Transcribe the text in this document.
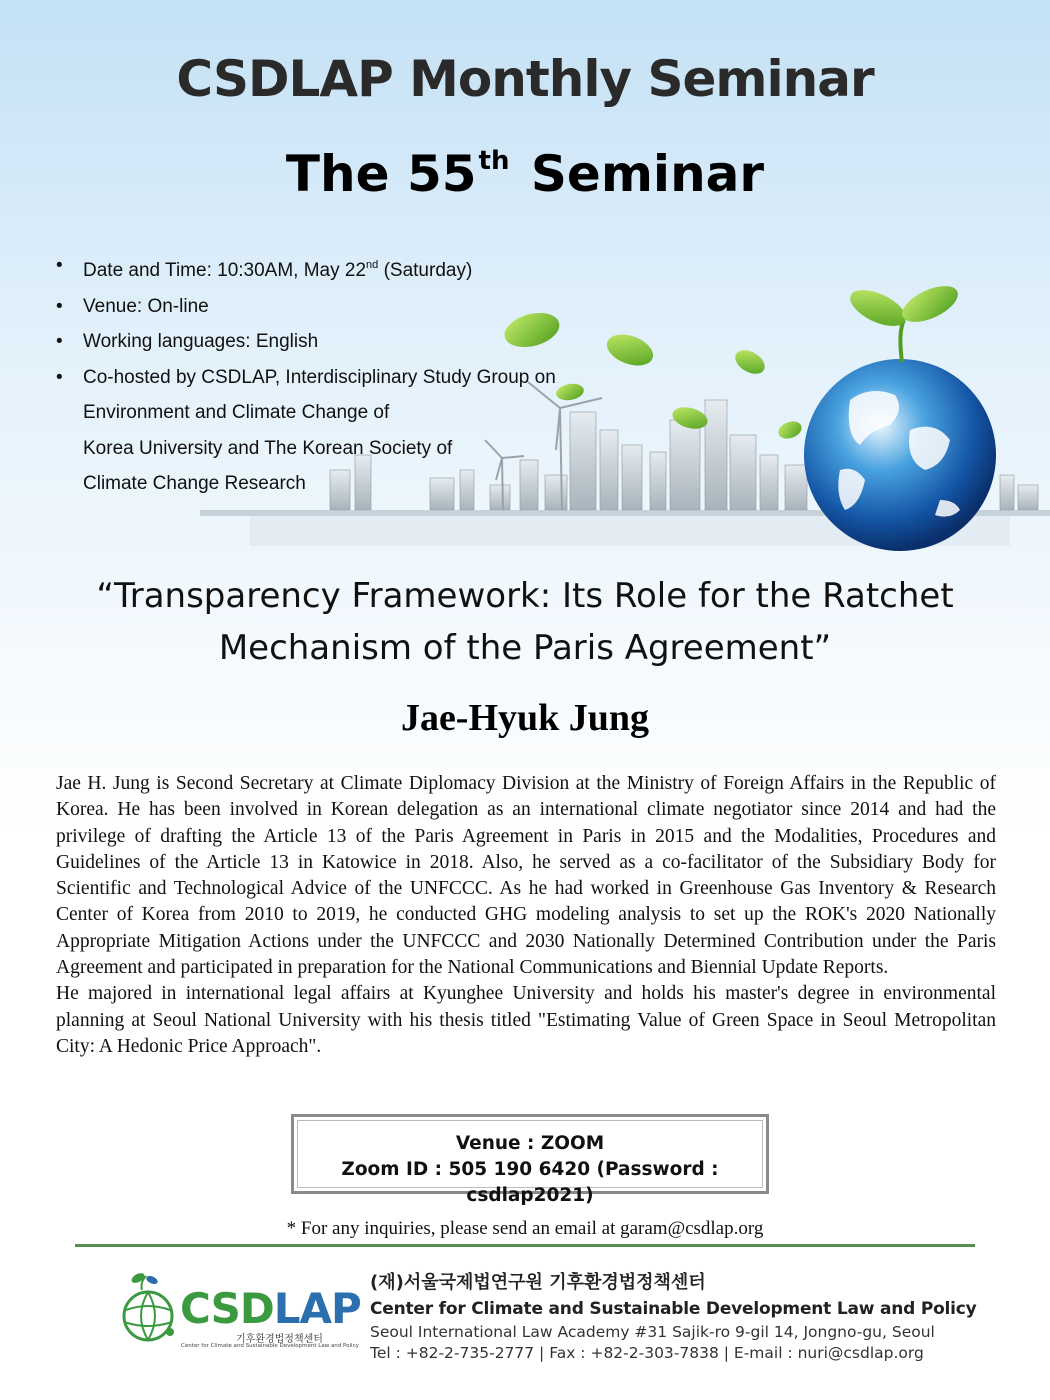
CSDLAP Monthly Seminar
The 55th Seminar
• Date and Time: 10:30AM, May 22nd (Saturday)
• Venue: On-line
• Working languages: English
• Co-hosted by CSDLAP, Interdisciplinary Study Group on
Environment and Climate Change of
Korea University and The Korean Society of
Climate Change Research
“Transparency Framework: Its Role for the Ratchet
Mechanism of the Paris Agreement”
Jae-Hyuk Jung

Jae H. Jung is Second Secretary at Climate Diplomacy Division at the Ministry of Foreign Affairs in the Republic of Korea. He has been involved in Korean delegation as an international climate negotiator since 2014 and had the privilege of drafting the Article 13 of the Paris Agreement in Paris in 2015 and the Modalities, Procedures and Guidelines of the Article 13 in Katowice in 2018. Also, he served as a co-facilitator of the Subsidiary Body for Scientific and Technological Advice of the UNFCCC. As he had worked in Greenhouse Gas Inventory & Research Center of Korea from 2010 to 2019, he conducted GHG modeling analysis to set up the ROK's 2020 Nationally Appropriate Mitigation Actions under the UNFCCC and 2030 Nationally Determined Contribution under the Paris Agreement and participated in preparation for the National Communications and Biennial Update Reports.

He majored in international legal affairs at Kyunghee University and holds his master's degree in environmental planning at Seoul National University with his thesis titled "Estimating Value of Green Space in Seoul Metropolitan City: A Hedonic Price Approach".

Venue : ZOOM
Zoom ID : 505 190 6420 (Password : csdlap2021)
* For any inquiries, please send an email at garam@csdlap.org
CSDLAP
기후환경법정책센터
Center for Climate and Sustainable Development Law and Policy
(재)서울국제법연구원 기후환경법정책센터
Center for Climate and Sustainable Development Law and Policy
Seoul International Law Academy #31 Sajik-ro 9-gil 14, Jongno-gu, Seoul
Tel : +82-2-735-2777 | Fax : +82-2-303-7838 | E-mail : nuri@csdlap.org
